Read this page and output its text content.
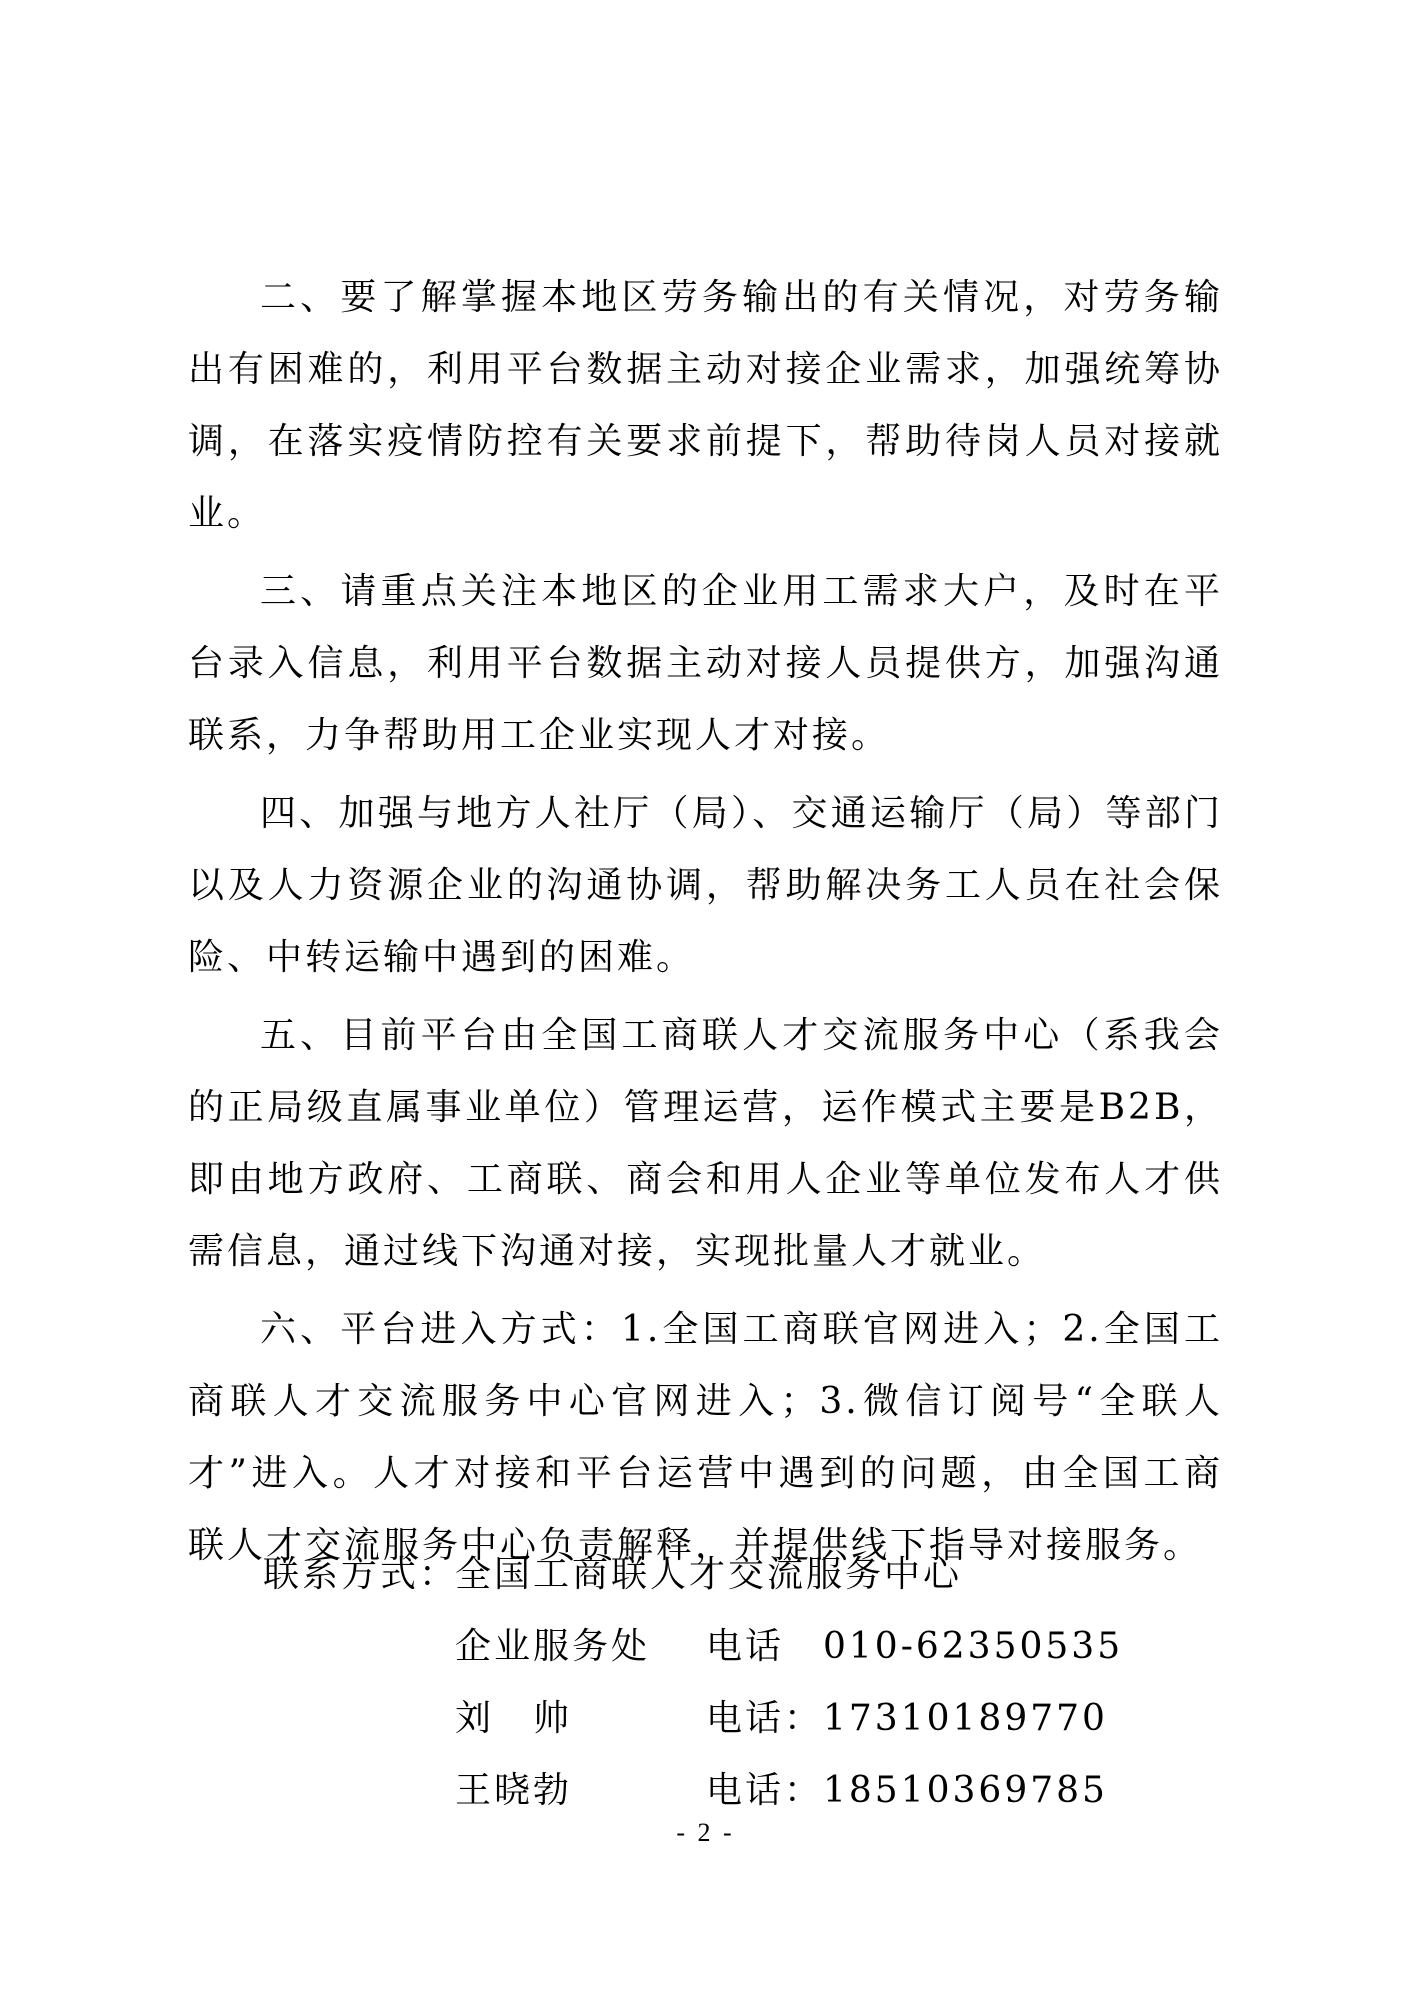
二、要了解掌握本地区劳务输出的有关情况，对劳务输出有困难的，利用平台数据主动对接企业需求，加强统筹协调，在落实疫情防控有关要求前提下，帮助待岗人员对接就业。

三、请重点关注本地区的企业用工需求大户，及时在平台录入信息，利用平台数据主动对接人员提供方，加强沟通联系，力争帮助用工企业实现人才对接。

四、加强与地方人社厅（局）、交通运输厅（局）等部门以及人力资源企业的沟通协调，帮助解决务工人员在社会保险、中转运输中遇到的困难。

五、目前平台由全国工商联人才交流服务中心（系我会的正局级直属事业单位）管理运营，运作模式主要是B2B，即由地方政府、工商联、商会和用人企业等单位发布人才供需信息，通过线下沟通对接，实现批量人才就业。

六、平台进入方式：1.全国工商联官网进入；2.全国工商联人才交流服务中心官网进入；3.微信订阅号“全联人才”进入。人才对接和平台运营中遇到的问题，由全国工商联人才交流服务中心负责解释，并提供线下指导对接服务。

联系方式：
全国工商联人才交流服务中心
企业服务处 电话　010-62350535
刘　帅	电话：17310189770
王晓勃	电话：18510369785
- 2 -
